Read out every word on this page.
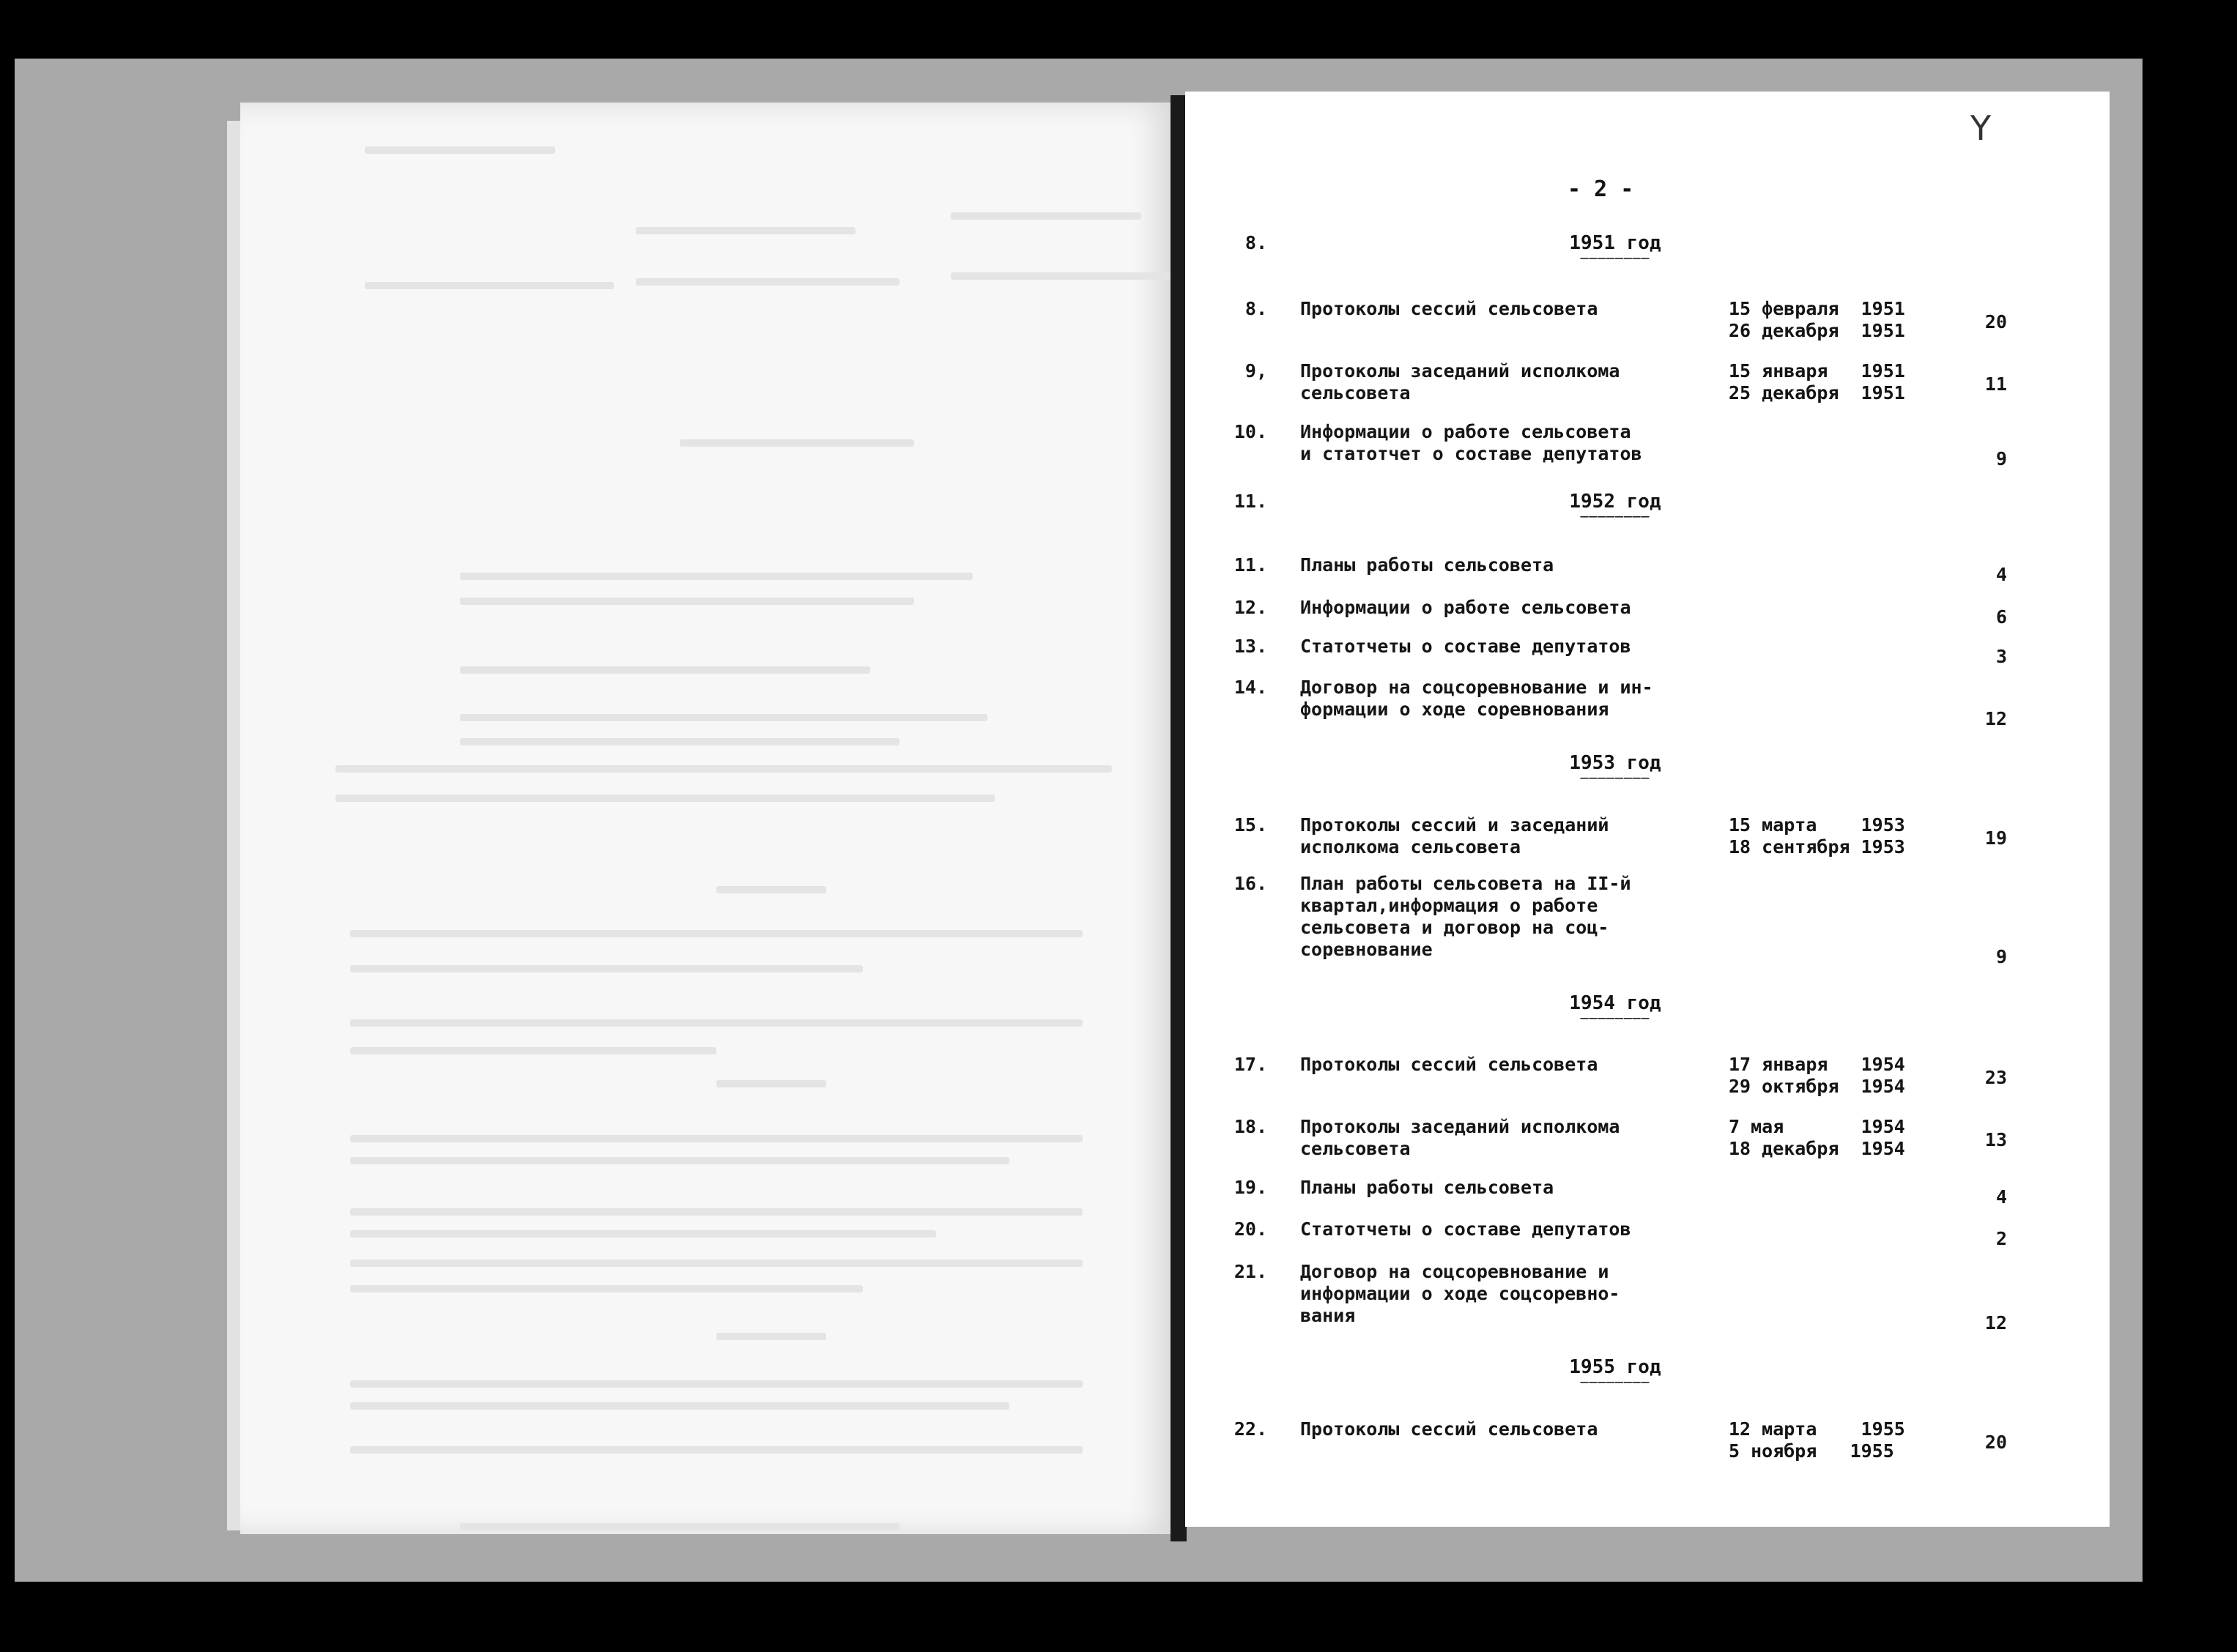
- 2 -
Y
8.	1951 год
────────
8. Протоколы сессий сельсовета	15 февраля  1951
26 декабря  1951	20
9, Протоколы заседаний исполкома
сельсовета
15 января   1951
25 декабря  1951	11
10. Информации о работе сельсовета
и статотчет о составе депутатов	9
11.	1952 год
────────
11. Планы работы сельсовета	4
12. Информации о работе сельсовета	6
13. Статотчеты о составе депутатов	3
14. Договор на соцсоревнование и ин-
формации о ходе соревнования	12
1953 год
────────
15. Протоколы сессий и заседаний
исполкома сельсовета
15 марта    1953
18 сентября 1953	19
16. План работы сельсовета на II-й
квартал,информация о работе
сельсовета и договор на соц-
соревнование	9
1954 год
────────
17. Протоколы сессий сельсовета	17 января   1954
29 октября  1954	23
18. Протоколы заседаний исполкома
сельсовета
7 мая       1954
18 декабря  1954	13
19. Планы работы сельсовета	4
20. Статотчеты о составе депутатов	2
21. Договор на соцсоревнование и
информации о ходе соцсоревно-
вания	12
1955 год
────────
22. Протоколы сессий сельсовета	12 марта    1955
5 ноября   1955	20
